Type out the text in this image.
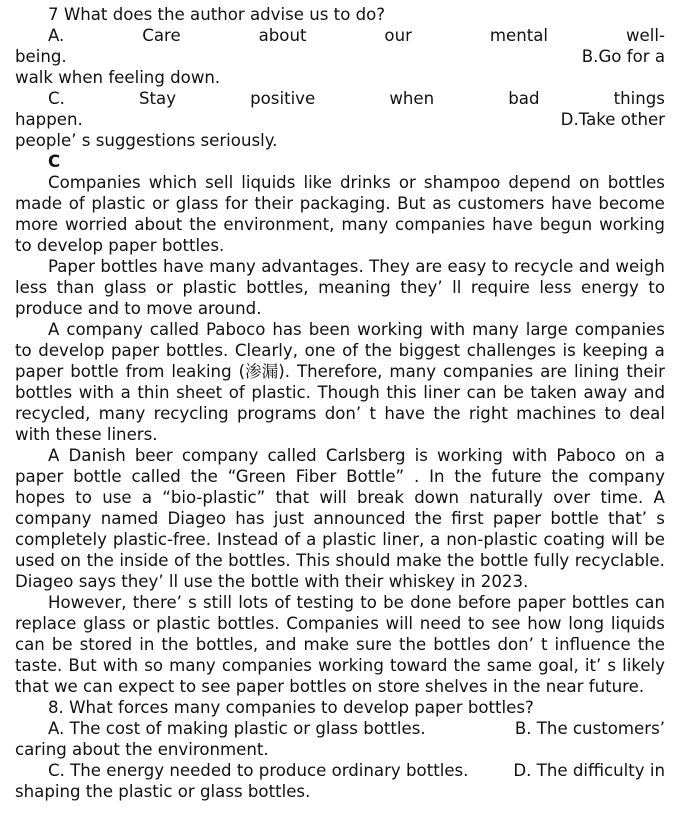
7 What does the author advise us to do?
A.	Care	about	our	mental	well-
being.	B.Go for a
walk when feeling down.
C.	Stay	positive	when	bad	things
happen.	D.Take other
people’ s suggestions seriously.
C
Companies which sell liquids like drinks or shampoo depend on bottles
made of plastic or glass for their packaging. But as customers have become
more worried about the environment, many companies have begun working
to develop paper bottles.
Paper bottles have many advantages. They are easy to recycle and weigh
less than glass or plastic bottles, meaning they’ ll require less energy to
produce and to move around.
A company called Paboco has been working with many large companies
to develop paper bottles. Clearly, one of the biggest challenges is keeping a
paper bottle from leaking (渗漏). Therefore, many companies are lining their
bottles with a thin sheet of plastic. Though this liner can be taken away and
recycled, many recycling programs don’ t have the right machines to deal
with these liners.
A Danish beer company called Carlsberg is working with Paboco on a
paper bottle called the “Green Fiber Bottle” . In the future the company
hopes to use a “bio-plastic” that will break down naturally over time. A
company named Diageo has just announced the first paper bottle that’ s
completely plastic-free. Instead of a plastic liner, a non-plastic coating will be
used on the inside of the bottles. This should make the bottle fully recyclable.
Diageo says they’ ll use the bottle with their whiskey in 2023.
However, there’ s still lots of testing to be done before paper bottles can
replace glass or plastic bottles. Companies will need to see how long liquids
can be stored in the bottles, and make sure the bottles don’ t influence the
taste. But with so many companies working toward the same goal, it’ s likely
that we can expect to see paper bottles on store shelves in the near future.
8. What forces many companies to develop paper bottles?
A. The cost of making plastic or glass bottles.	B. The customers’
caring about the environment.
C. The energy needed to produce ordinary bottles.	D. The difficulty in
shaping the plastic or glass bottles.
